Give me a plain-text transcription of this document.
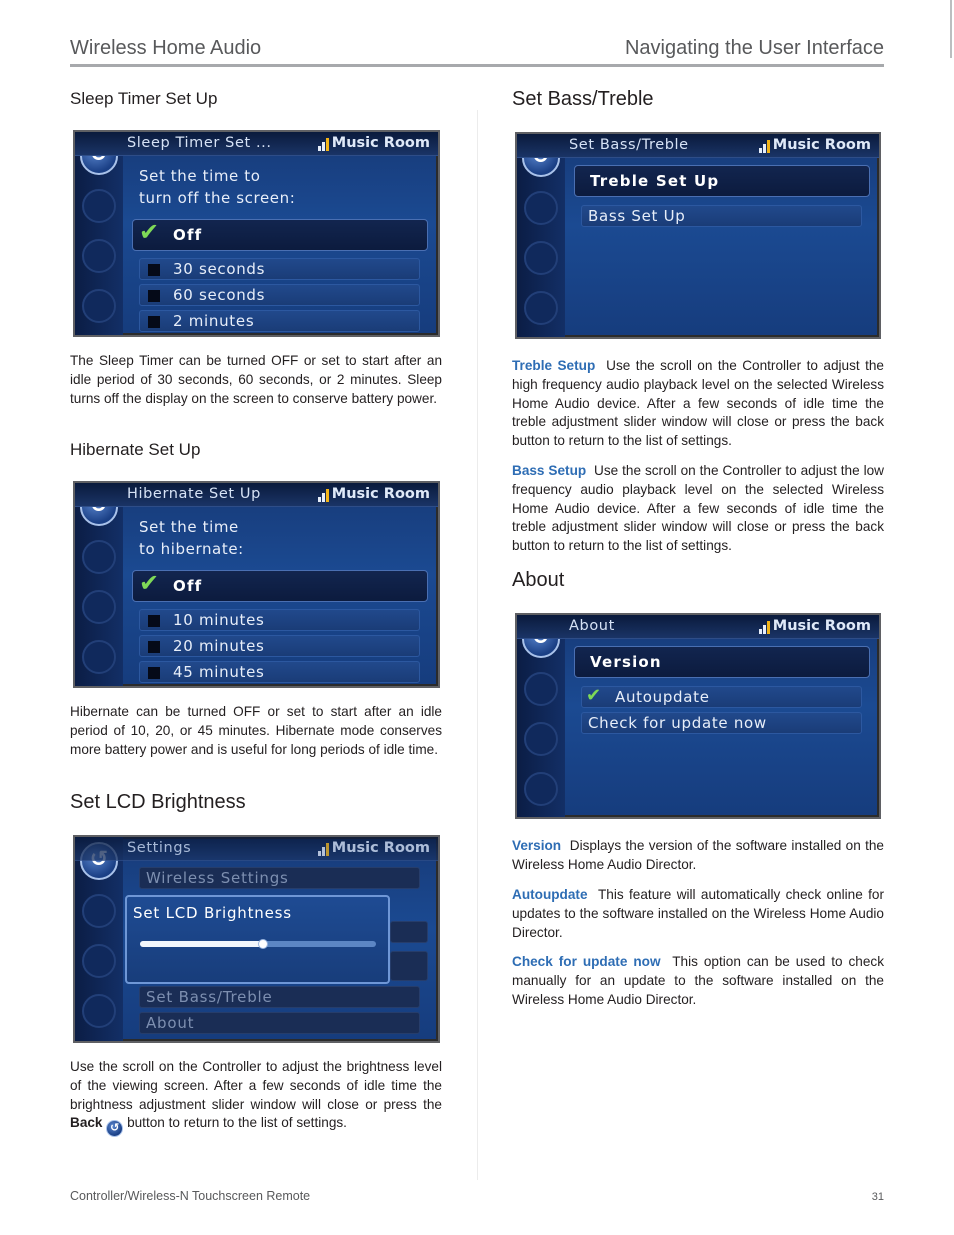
Wireless Home Audio	Navigating the User Interface
Sleep Timer Set Up
Sleep Timer Set ...	Music Room
Set the time to
turn off the screen:
✔ Off
30 seconds
60 seconds
2 minutes
The Sleep Timer can be turned OFF or set to start after an idle period of 30 seconds, 60 seconds, or 2 minutes. Sleep turns off the display on the screen to conserve battery power.
Hibernate Set Up
Hibernate Set Up	Music Room
Set the time
to hibernate:
✔ Off
10 minutes
20 minutes
45 minutes
Hibernate can be turned OFF or set to start after an idle period of 10, 20, or 45 minutes. Hibernate mode conserves more battery power and is useful for long periods of idle time.
Set LCD Brightness
Settings	Music Room
Wireless Settings
Set LCD Brightness
Set Bass/Treble
About
Use the scroll on the Controller to adjust the brightness level of the viewing screen. After a few seconds of idle time the brightness adjustment slider window will close or press the Back ↺ button to return to the list of settings.
Set Bass/Treble
Set Bass/Treble	Music Room
Treble Set Up
Bass Set Up
Treble Setup Use the scroll on the Controller to adjust the high frequency audio playback level on the selected Wireless Home Audio device. After a few seconds of idle time the treble adjustment slider window will close or press the back button to return to the list of settings.
Bass Setup Use the scroll on the Controller to adjust the low frequency audio playback level on the selected Wireless Home Audio device. After a few seconds of idle time the treble adjustment slider window will close or press the back button to return to the list of settings.
About
About	Music Room
Version
✔ Autoupdate
Check for update now
Version Displays the version of the software installed on the Wireless Home Audio Director.
Autoupdate This feature will automatically check online for updates to the software installed on the Wireless Home Audio Director.
Check for update now This option can be used to check manually for an update to the software installed on the Wireless Home Audio Director.
Controller/Wireless-N Touchscreen Remote	31
